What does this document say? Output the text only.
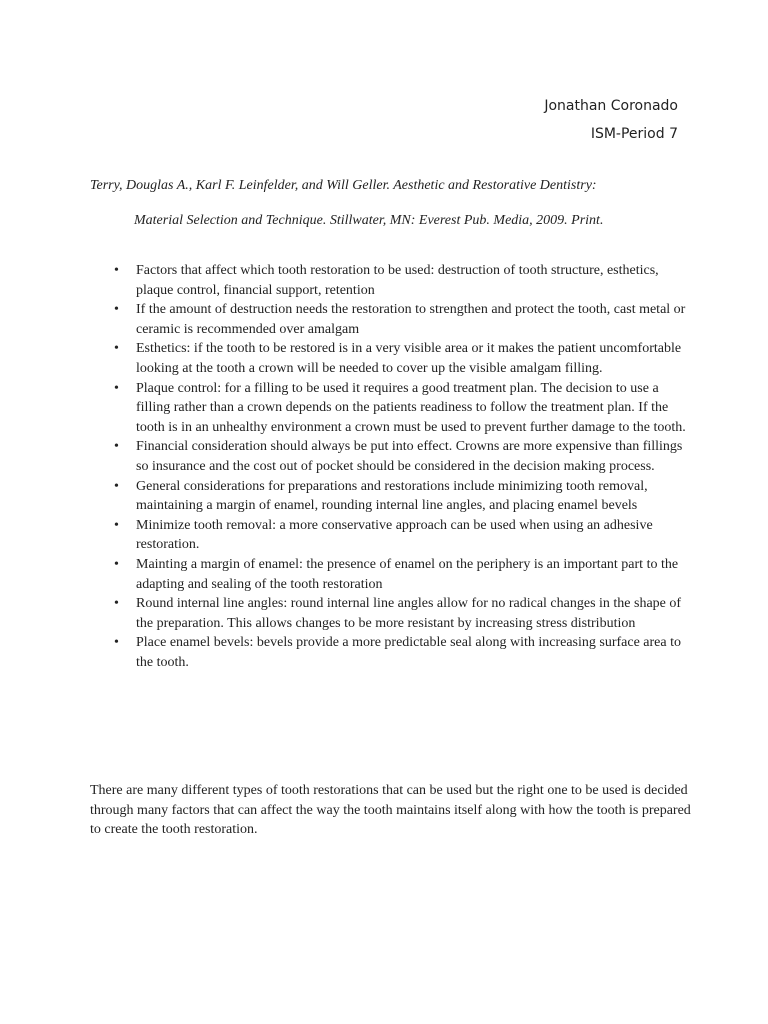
Jonathan Coronado
ISM-Period 7
Terry, Douglas A., Karl F. Leinfelder, and Will Geller. Aesthetic and Restorative Dentistry:
Material Selection and Technique. Stillwater, MN: Everest Pub. Media, 2009. Print.
•	Factors that affect which tooth restoration to be used: destruction of tooth structure, esthetics, plaque control, financial support, retention
•	If the amount of destruction needs the restoration to strengthen and protect the tooth, cast metal or ceramic is recommended over amalgam
•	Esthetics: if the tooth to be restored is in a very visible area or it makes the patient uncomfortable looking at the tooth a crown will be needed to cover up the visible amalgam filling.
•	Plaque control: for a filling to be used it requires a good treatment plan. The decision to use a filling rather than a crown depends on the patients readiness to follow the treatment plan. If the tooth is in an unhealthy environment a crown must be used to prevent further damage to the tooth.
•	Financial consideration should always be put into effect. Crowns are more expensive than fillings so insurance and the cost out of pocket should be considered in the decision making process.
•	General considerations for preparations and restorations include minimizing tooth removal, maintaining a margin of enamel, rounding internal line angles, and placing enamel bevels
•	Minimize tooth removal: a more conservative approach can be used when using an adhesive restoration.
•	Mainting a margin of enamel: the presence of enamel on the periphery is an important part to the adapting and sealing of the tooth restoration
•	Round internal line angles: round internal line angles allow for no radical changes in the shape of the preparation. This allows changes to be more resistant by increasing stress distribution
•	Place enamel bevels: bevels provide a more predictable seal along with increasing surface area to the tooth.

There are many different types of tooth restorations that can be used but the right one to be used is decided through many factors that can affect the way the tooth maintains itself along with how the tooth is prepared to create the tooth restoration.
